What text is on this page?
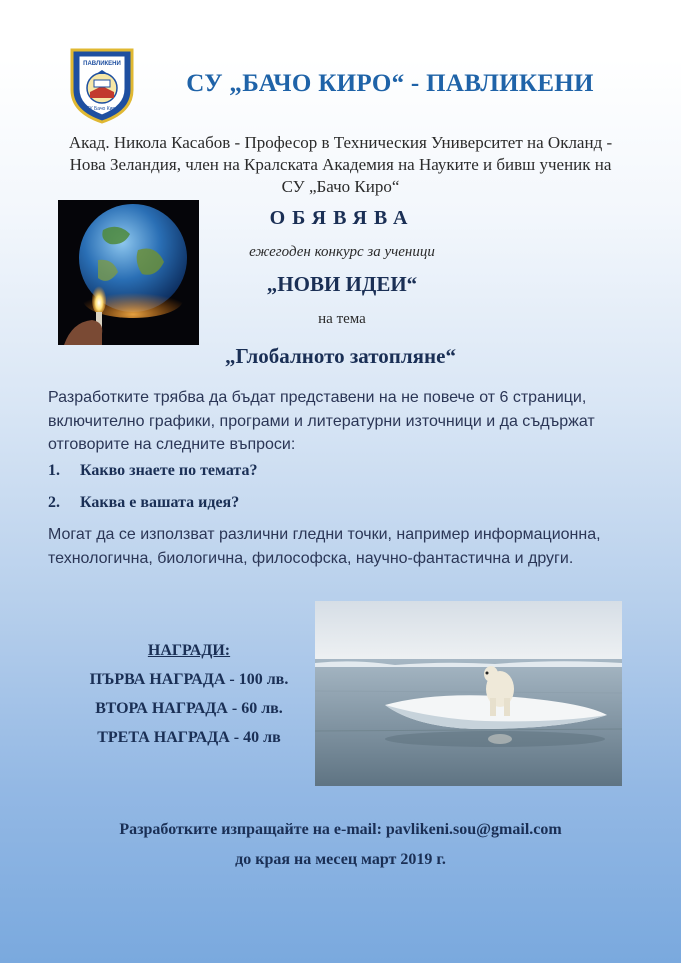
ПАВЛИКЕНИ
СУ Бачо Киро
СУ „БАЧО КИРО“ - ПАВЛИКЕНИ
Акад. Никола Касабов - Професор в Техническия Университет на Окланд -
Нова Зеландия, член на Кралската Академия на Науките и бивш ученик на
СУ „Бачо Киро“
ОБЯВЯВА
ежегоден конкурс за ученици
„НОВИ ИДЕИ“
на тема
„Глобалното затопляне“
Разработките трябва да бъдат представени на не повече от 6 страници,
включително графики, програми и литературни източници и да съдържат
отговорите на следните въпроси:
1. Какво знаете по темата?
2. Каква е вашата идея?
Могат да се използват различни гледни точки, например информационна,
технологична, биологична, философска, научно-фантастична и други.
НАГРАДИ:
ПЪРВА НАГРАДА - 100 лв.
ВТОРА НАГРАДА - 60 лв.
ТРЕТА НАГРАДА - 40 лв
Разработките изпращайте на e-mail: pavlikeni.sou@gmail.com
до края на месец март 2019 г.
